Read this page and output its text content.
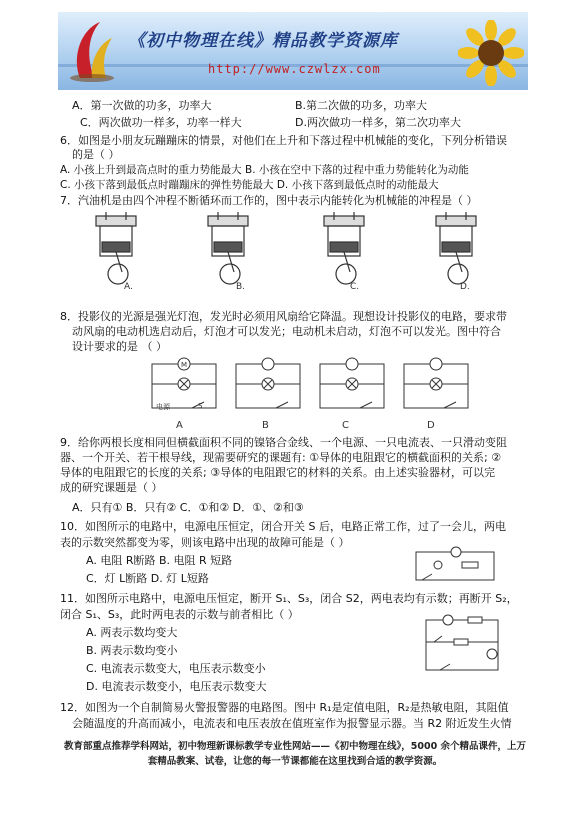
《初中物理在线》精品教学资源库
http://www.czwlzx.com
A．第一次做的功多，功率大	B.第二次做的功多，功率大
C．两次做功一样多，功率一样大	D.两次做功一样多，第二次功率大
6．如图是小朋友玩蹦蹦床的情景，对他们在上升和下落过程中机械能的变化，下列分析错误
的是（ ）
A. 小孩上升到最高点时的重力势能最大 B. 小孩在空中下落的过程中重力势能转化为动能
C. 小孩下落到最低点时蹦蹦床的弹性势能最大 D. 小孩下落到最低点时的动能最大
7．汽油机是由四个冲程不断循环而工作的，图中表示内能转化为机械能的冲程是（ ）
A.	B.	C.	D.
8．投影仪的光源是强光灯泡，发光时必须用风扇给它降温。现想设计投影仪的电路，要求带
动风扇的电动机选启动后，灯泡才可以发光；电动机未启动，灯泡不可以发光。图中符合
设计要求的是 （ ）
M
电源	S
A	B	C	D
9．给你两根长度相同但横截面积不同的镍铬合金线、一个电源、一只电流表、一只滑动变阻
器、一个开关、若干根导线，现需要研究的课题有: ①导体的电阻跟它的横截面积的关系; ②
导体的电阻跟它的长度的关系; ③导体的电阻跟它的材料的关系。由上述实验器材，可以完
成的研究课题是（ ）
A．只有① B．只有② C．①和② D．①、②和③
10．如图所示的电路中，电源电压恒定，闭合开关 S 后，电路正常工作，过了一会儿，两电
表的示数突然都变为零，则该电路中出现的故障可能是（ ）
A. 电阻 R断路 B. 电阻 R 短路
C．灯 L断路 D. 灯 L短路
11．如图所示电路中，电源电压恒定，断开 S₁、S₃，闭合 S2，两电表均有示数；再断开 S₂，
闭合 S₁、S₃，此时两电表的示数与前者相比（ ）
A. 两表示数均变大
B. 两表示数均变小
C. 电流表示数变大，电压表示数变小
D. 电流表示数变小，电压表示数变大
12．如图为一个自制简易火警报警器的电路图。图中 R₁是定值电阻，R₂是热敏电阻，其阻值
会随温度的升高而减小，电流表和电压表放在值班室作为报警显示器。当 R2 附近发生火情
教育部重点推荐学科网站，初中物理新课标教学专业性网站——《初中物理在线》，5000 余个精品课件，上万
套精品教案、试卷，让您的每一节课都能在这里找到合适的教学资源。
